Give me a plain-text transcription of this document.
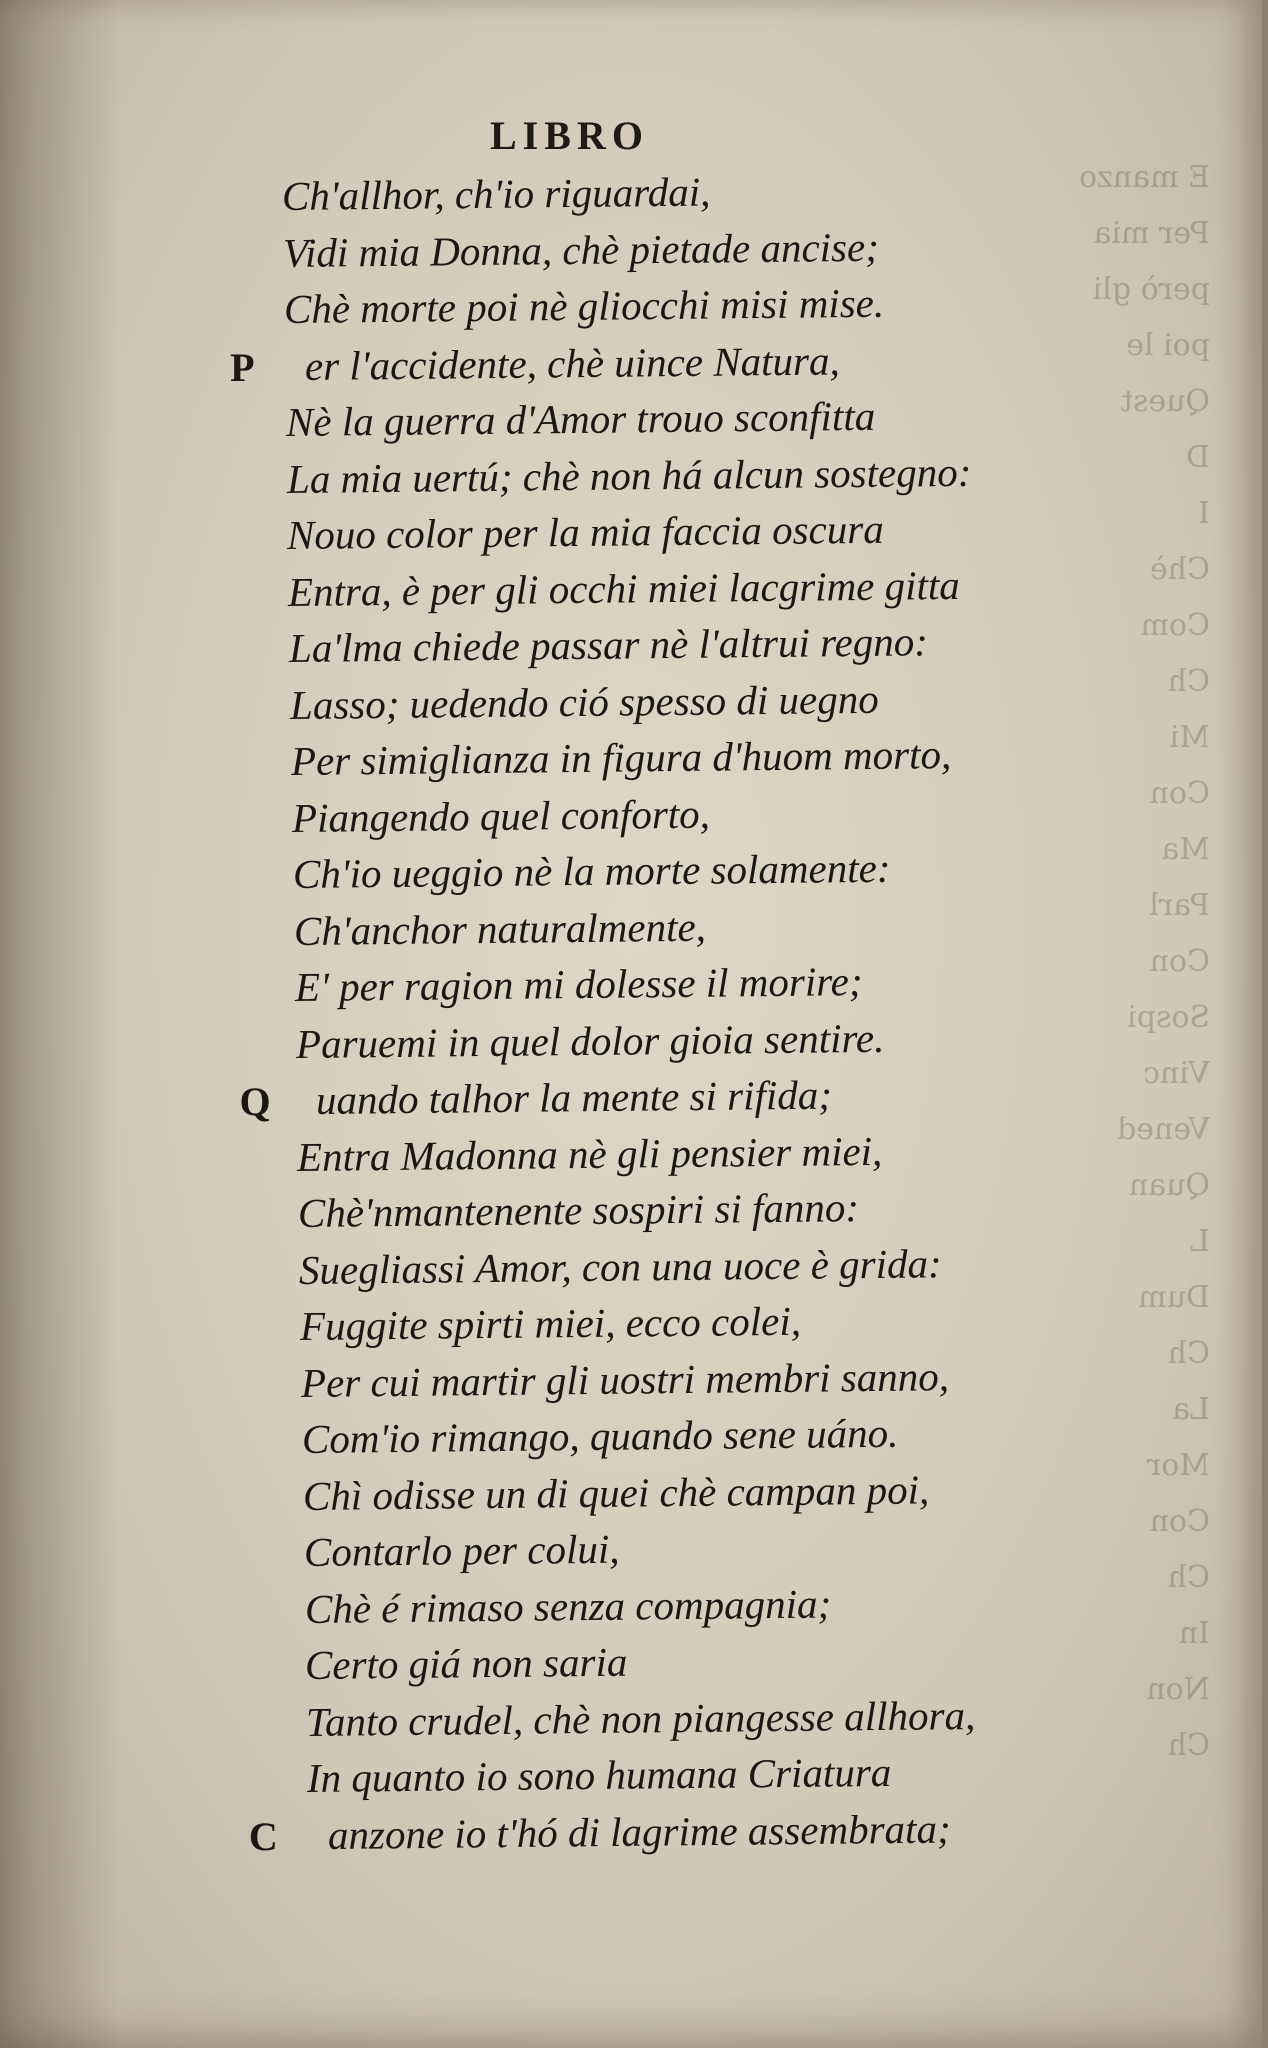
E manzo
Per mia
però gli
poi le
Quest
D
I
Chè
Com
Ch
Mi
Con
Ma
Parl
Con
Sospi
Vinc
Vened
Quan
L
Dum
Ch
La
Mor
Con
Ch
In
Non
Ch
LIBRO
Ch'allhor, ch'io riguardai,
Vidi mia Donna, chè pietade ancise;
Chè morte poi nè gliocchi misi mise.
er l'accidente, chè uince Natura,
P
Nè la guerra d'Amor trouo sconfitta
La mia uertú; chè non há alcun sostegno:
Nouo color per la mia faccia oscura
Entra, è per gli occhi miei lacgrime gitta
La'lma chiede passar nè l'altrui regno:
Lasso; uedendo ció spesso di uegno
Per simiglianza in figura d'huom morto,
Piangendo quel conforto,
Ch'io ueggio nè la morte solamente:
Ch'anchor naturalmente,
E' per ragion mi dolesse il morire;
Paruemi in quel dolor gioia sentire.
uando talhor la mente si rifida;
Q
Entra Madonna nè gli pensier miei,
Chè'nmantenente sospiri si fanno:
Suegliassi Amor, con una uoce è grida:
Fuggite spirti miei, ecco colei,
Per cui martir gli uostri membri sanno,
Com'io rimango, quando sene uáno.
Chì odisse un di quei chè campan poi,
Contarlo per colui,
Chè é rimaso senza compagnia;
Certo giá non saria
Tanto crudel, chè non piangesse allhora,
In quanto io sono humana Criatura
anzone io t'hó di lagrime assembrata;
C
